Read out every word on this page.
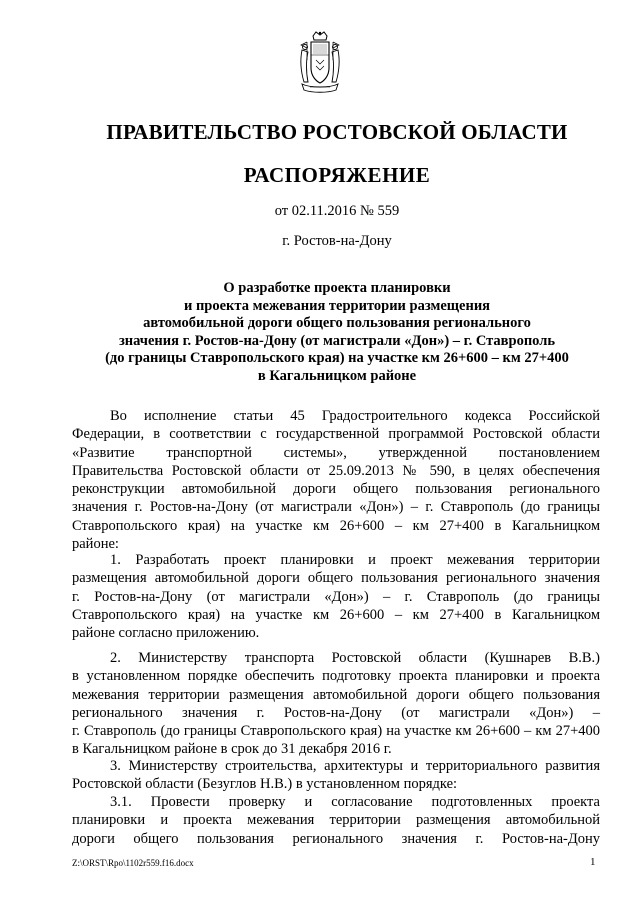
ПРАВИТЕЛЬСТВО РОСТОВСКОЙ ОБЛАСТИ
РАСПОРЯЖЕНИЕ
от 02.11.2016 № 559
г. Ростов-на-Дону
О разработке проекта планировки
и проекта межевания территории размещения
автомобильной дороги общего пользования регионального
значения г. Ростов-на-Дону (от магистрали «Дон») – г. Ставрополь
(до границы Ставропольского края) на участке км 26+600 – км 27+400
в Кагальницком районе
Во исполнение статьи 45 Градостроительного кодекса Российской
Федерации, в соответствии с государственной программой Ростовской области
«Развитие транспортной системы», утвержденной постановлением
Правительства Ростовской области от 25.09.2013 № 590, в целях обеспечения
реконструкции автомобильной дороги общего пользования регионального
значения г. Ростов-на-Дону (от магистрали «Дон») – г. Ставрополь (до границы
Ставропольского края) на участке км 26+600 – км 27+400 в Кагальницком
районе:
1. Разработать проект планировки и проект межевания территории
размещения автомобильной дороги общего пользования регионального значения
г. Ростов-на-Дону (от магистрали «Дон») – г. Ставрополь (до границы
Ставропольского края) на участке км 26+600 – км 27+400 в Кагальницком
районе согласно приложению.
2. Министерству транспорта Ростовской области (Кушнарев В.В.)
в установленном порядке обеспечить подготовку проекта планировки и проекта
межевания территории размещения автомобильной дороги общего пользования
регионального значения г. Ростов-на-Дону (от магистрали «Дон») –
г. Ставрополь (до границы Ставропольского края) на участке км 26+600 – км 27+400
в Кагальницком районе в срок до 31 декабря 2016 г.
3. Министерству строительства, архитектуры и территориального развития
Ростовской области (Безуглов Н.В.) в установленном порядке:
3.1. Провести проверку и согласование подготовленных проекта
планировки и проекта межевания территории размещения автомобильной
дороги общего пользования регионального значения г. Ростов-на-Дону
Z:\ORST\Rpo\1102r559.f16.docx	1
